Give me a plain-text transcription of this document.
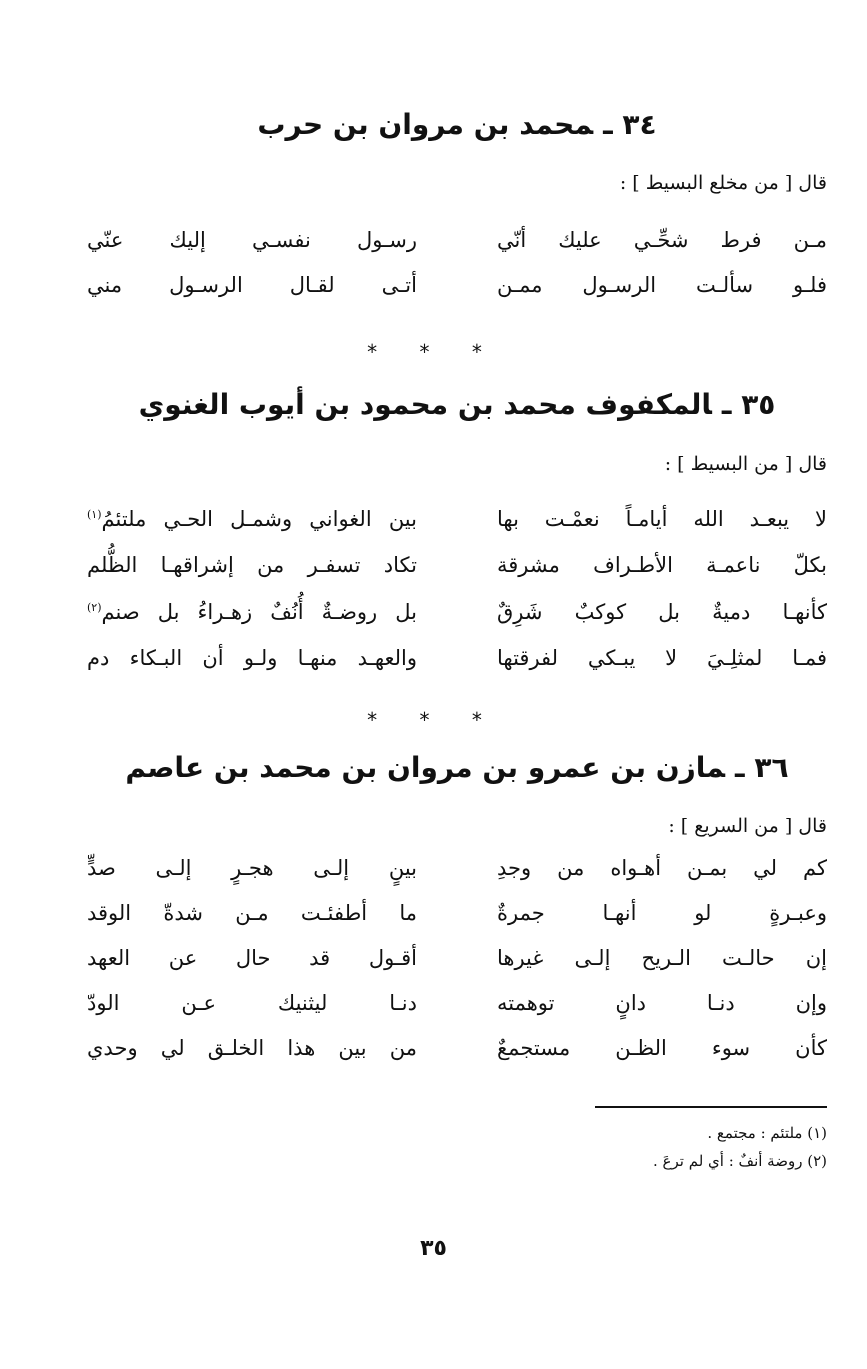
٣٤ ـمحمد بن مروان بن حرب
قال [ من مخلع البسيط ] :
مـن فرط شحِّـي عليك أنّي
رسـول نفسـي إليك عنّي
فلـو سألـت الرسـول ممـن
أتـى لقـال الرسـول مني
* * *
٣٥ ـالمكفوف محمد بن محمود بن أيوب الغنوي
قال [ من البسيط ] :
لا يبعـد الله أيامـاً نعمْـت بها
بين الغواني وشمـل الحـي ملتئمُ$^{(١)}$
بكلّ ناعمـة الأطـراف مشرقة
تكاد تسفـر من إشراقهـا الظُّلم
كأنهـا دميةٌ بل كوكبٌ شَرِقٌ
بل روضـةٌ أُنُفٌ زهـراءُ بل صنم$^{(٢)}$
فمـا لمثلِـيَ لا يبـكي لفرقتها
والعهـد منهـا ولـو أن البـكاء دم
* * *
٣٦ ـمازن بن عمرو بن مروان بن محمد بن عاصم
قال [ من السريع ] :
كم لي بمـن أهـواه من وجدِ
بينٍ إلـى هجـرٍ إلـى صدٍّ
وعبـرةٍ لو أنهـا جمرةٌ
ما أطفئـت مـن شدةّ الوقد
إن حالـت الـريح إلـى غيرها
أقـول قد حال عن العهد
وإن دنـا دانٍ توهمته
دنـا ليثنيك عـن الودّ
كأن سوء الظـن مستجمعٌ
من بين هذا الخلـق لي وحدي
(١) ملتئم : مجتمع .
(٢) روضة أنفٌ : أي لم ترعَ .
٣٥
